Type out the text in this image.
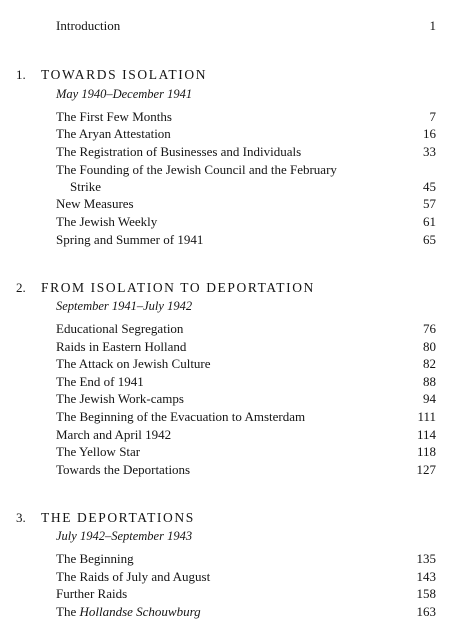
Introduction	1
1. TOWARDS ISOLATION
May 1940–December 1941
The First Few Months	7
The Aryan Attestation	16
The Registration of Businesses and Individuals	33
The Founding of the Jewish Council and the February
Strike	45
New Measures	57
The Jewish Weekly	61
Spring and Summer of 1941	65
2. FROM ISOLATION TO DEPORTATION
September 1941–July 1942
Educational Segregation	76
Raids in Eastern Holland	80
The Attack on Jewish Culture	82
The End of 1941	88
The Jewish Work-camps	94
The Beginning of the Evacuation to Amsterdam	111
March and April 1942	114
The Yellow Star	118
Towards the Deportations	127
3. THE DEPORTATIONS
July 1942–September 1943
The Beginning	135
The Raids of July and August	143
Further Raids	158
The Hollandse Schouwburg	163
